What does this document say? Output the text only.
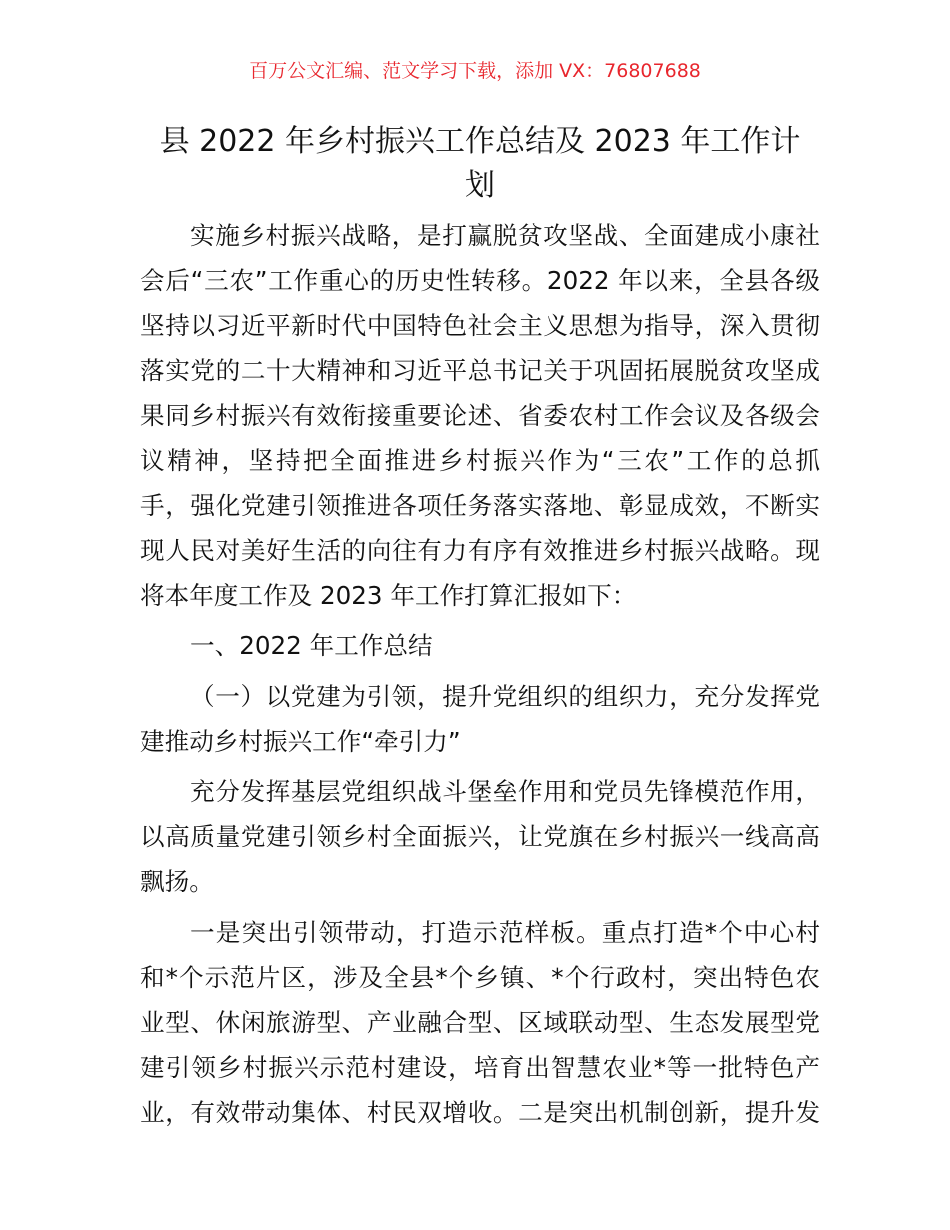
百万公文汇编、范文学习下载，添加 VX：76807688
县 2022 年乡村振兴工作总结及 2023 年工作计
划
实施乡村振兴战略，是打赢脱贫攻坚战、全面建成小康社
会后“三农”工作重心的历史性转移。2022 年以来，全县各级
坚持以习近平新时代中国特色社会主义思想为指导，深入贯彻
落实党的二十大精神和习近平总书记关于巩固拓展脱贫攻坚成
果同乡村振兴有效衔接重要论述、省委农村工作会议及各级会
议精神，坚持把全面推进乡村振兴作为“三农”工作的总抓
手，强化党建引领推进各项任务落实落地、彰显成效，不断实
现人民对美好生活的向往有力有序有效推进乡村振兴战略。现
将本年度工作及 2023 年工作打算汇报如下：
一、2022 年工作总结
（一）以党建为引领，提升党组织的组织力，充分发挥党
建推动乡村振兴工作“牵引力”
充分发挥基层党组织战斗堡垒作用和党员先锋模范作用，
以高质量党建引领乡村全面振兴，让党旗在乡村振兴一线高高
飘扬。
一是突出引领带动，打造示范样板。重点打造*个中心村
和*个示范片区，涉及全县*个乡镇、*个行政村，突出特色农
业型、休闲旅游型、产业融合型、区域联动型、生态发展型党
建引领乡村振兴示范村建设，培育出智慧农业*等一批特色产
业，有效带动集体、村民双增收。二是突出机制创新，提升发
